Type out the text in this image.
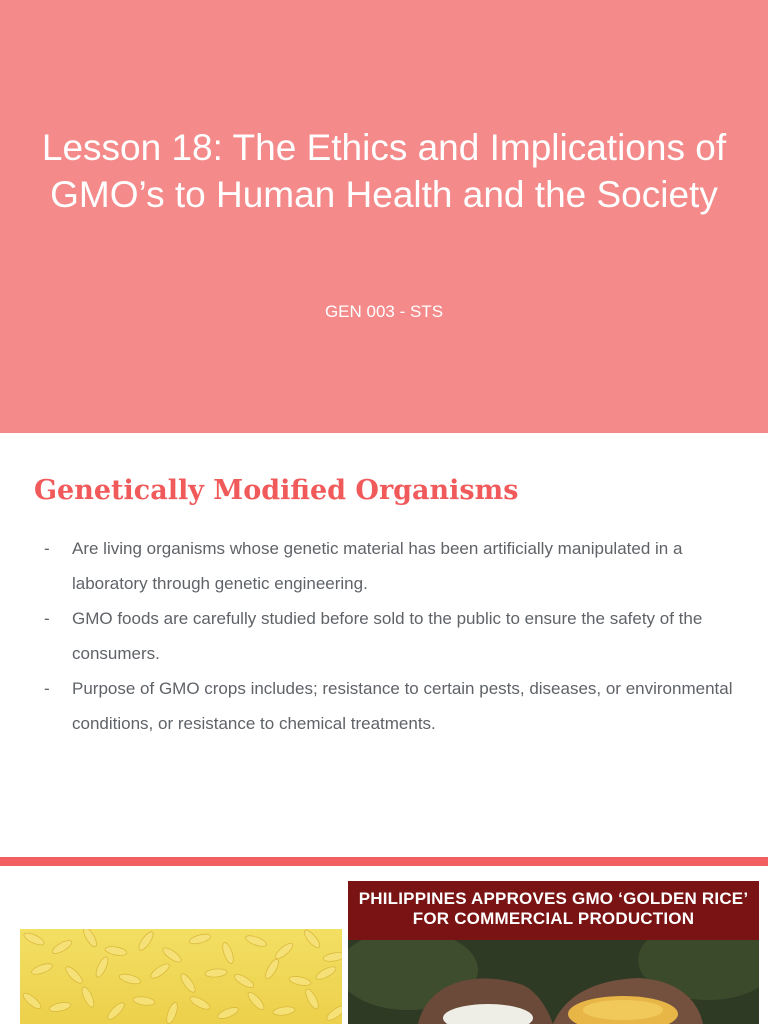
Lesson 18: The Ethics and Implications of GMO’s to Human Health and the Society
GEN 003 - STS
Genetically Modified Organisms
- Are living organisms whose genetic material has been artificially manipulated in a laboratory through genetic engineering.
- GMO foods are carefully studied before sold to the public to ensure the safety of the consumers.
- Purpose of GMO crops includes; resistance to certain pests, diseases, or environmental conditions, or resistance to chemical treatments.
PHILIPPINES APPROVES GMO ‘GOLDEN RICE’ FOR COMMERCIAL PRODUCTION
